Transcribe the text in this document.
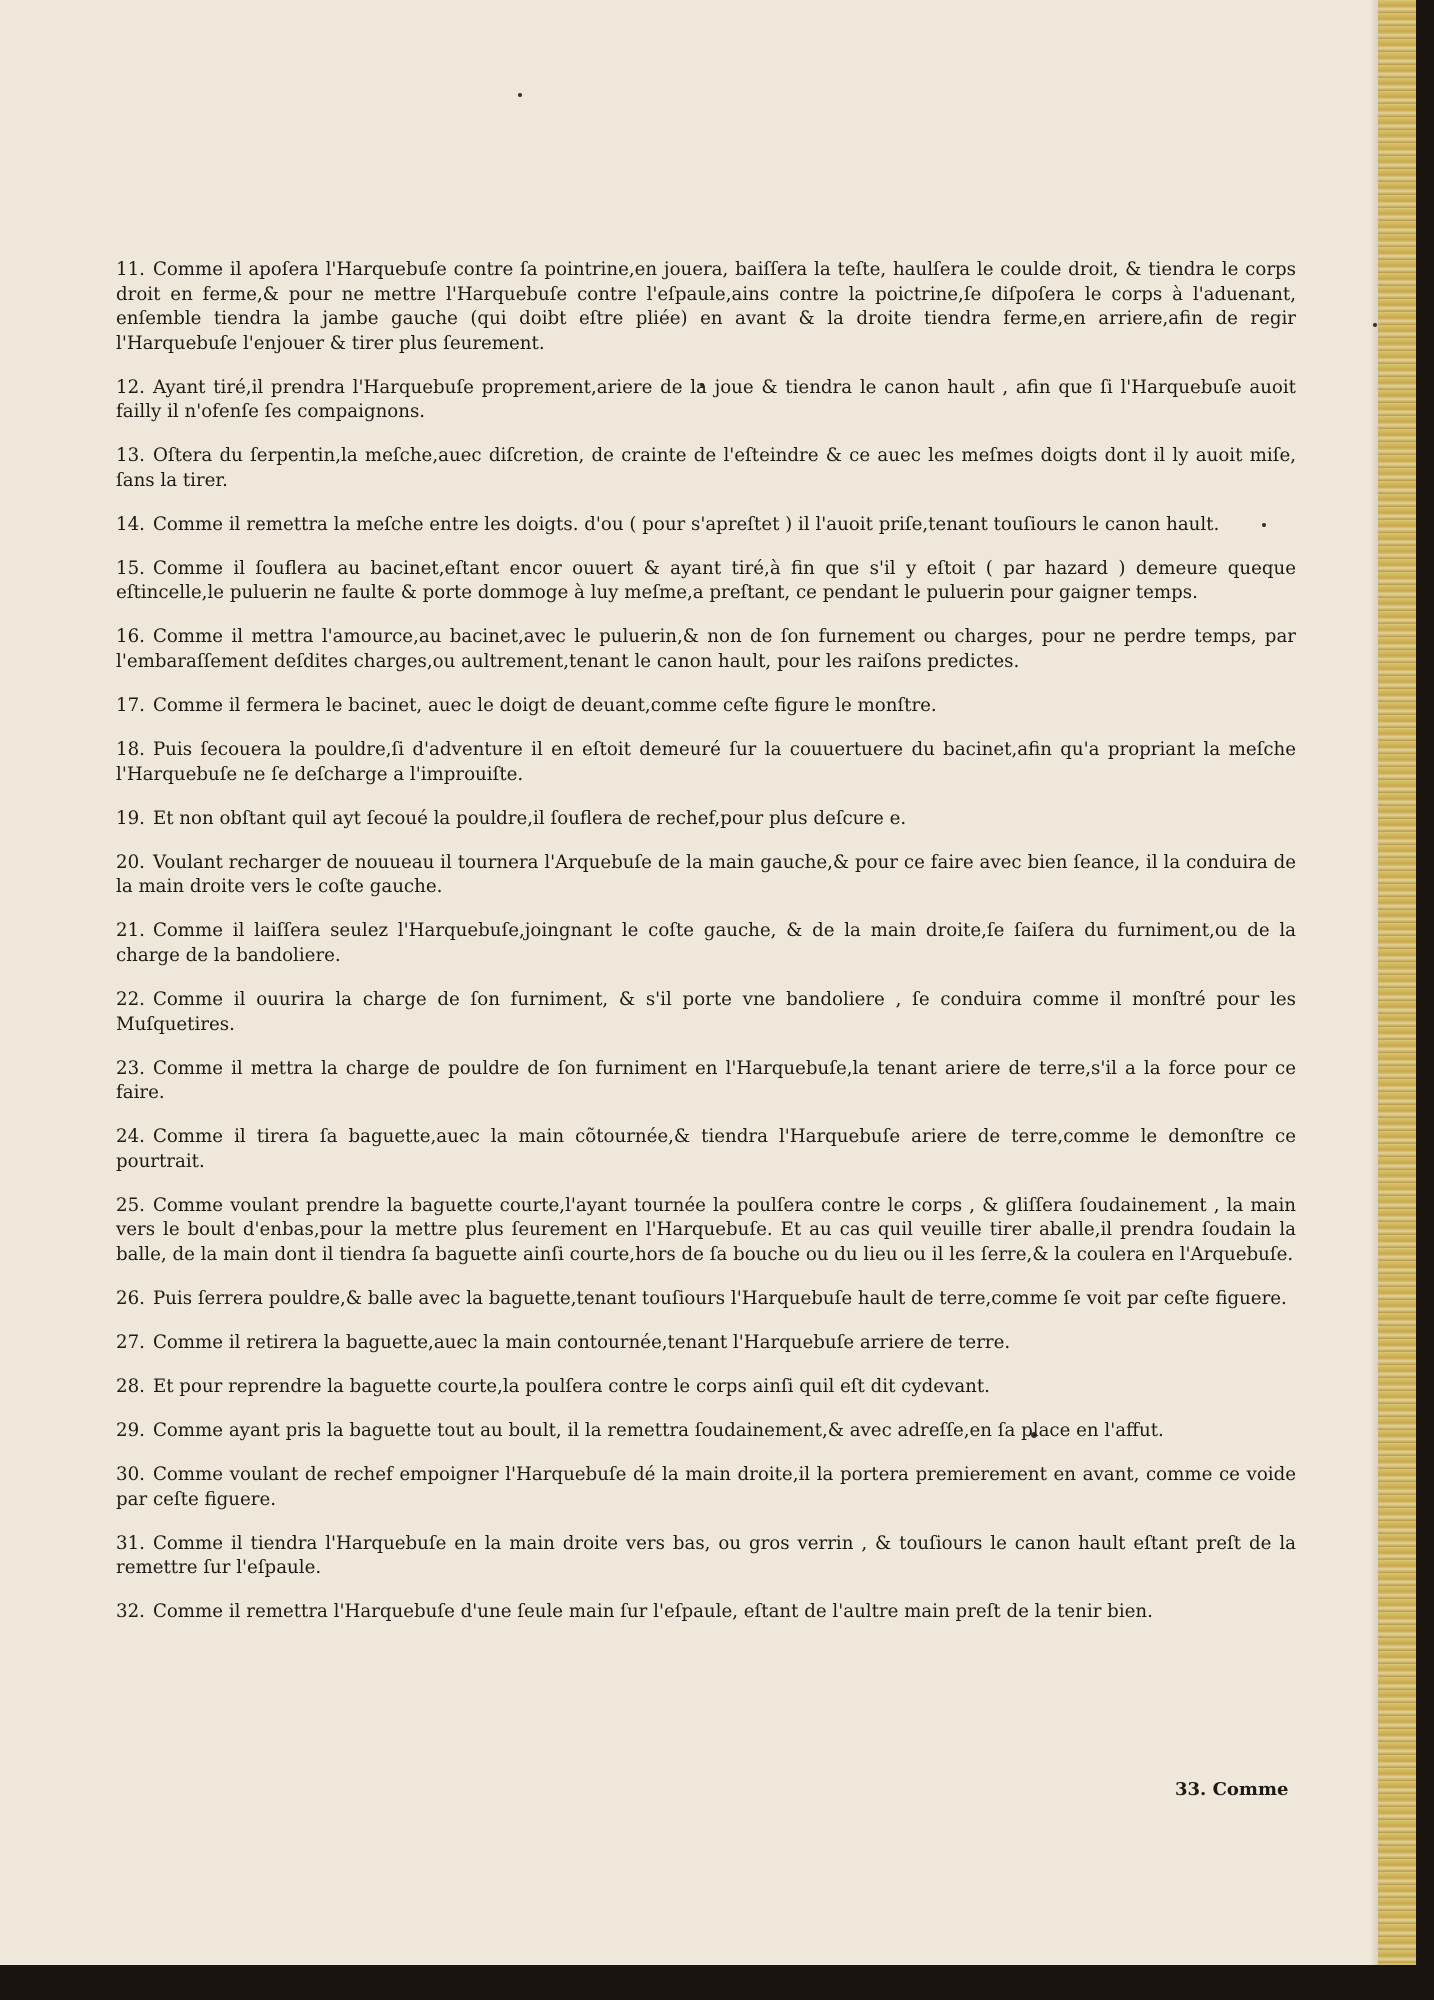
11. Comme il apoſera l'Harquebuſe contre ſa pointrine,en jouera, baiſſera la teſte, haulſera le coulde droit, & tiendra le corps droit en ferme,& pour ne mettre l'Harquebuſe contre l'eſpaule,ains contre la poictrine,ſe diſpoſera le corps à l'aduenant, enſemble tiendra la jambe gauche (qui doibt eſtre pliée) en avant & la droite tiendra ferme,en arriere,afin de regir l'Harquebuſe l'enjouer & tirer plus ſeurement.

12. Ayant tiré,il prendra l'Harquebuſe proprement,ariere de la joue & tiendra le canon hault , afin que ſi l'Harquebuſe auoit failly il n'ofenſe ſes compaignons.

13. Oſtera du ſerpentin,la meſche,auec diſcretion, de crainte de l'eſteindre & ce auec les meſmes doigts dont il ly auoit miſe, ſans la tirer.

14. Comme il remettra la meſche entre les doigts. d'ou ( pour s'apreſtet ) il l'auoit priſe,tenant touſiours le canon hault.

15. Comme il ſouflera au bacinet,eſtant encor ouuert & ayant tiré,à fin que s'il y eſtoit ( par hazard ) demeure queque eſtincelle,le puluerin ne faulte & porte dommoge à luy meſme,a preſtant, ce pendant le puluerin pour gaigner temps.

16. Comme il mettra l'amource,au bacinet,avec le puluerin,& non de ſon furnement ou charges, pour ne perdre temps, par l'embaraſſement deſdites charges,ou aultrement,tenant le canon hault, pour les raiſons predictes.

17. Comme il fermera le bacinet, auec le doigt de deuant,comme ceſte figure le monſtre.

18. Puis ſecouera la pouldre,ſi d'adventure il en eſtoit demeuré ſur la couuertuere du bacinet,afin qu'a propriant la meſche l'Harquebuſe ne ſe deſcharge a l'improuiſte.

19. Et non obſtant quil ayt ſecoué la pouldre,il ſouflera de rechef,pour plus deſcure e.

20. Voulant recharger de nouueau il tournera l'Arquebuſe de la main gauche,& pour ce faire avec bien ſeance, il la conduira de la main droite vers le coſte gauche.

21. Comme il laiſſera seulez l'Harquebuſe,joingnant le coſte gauche, & de la main droite,ſe ſaiſera du furniment,ou de la charge de la bandoliere.

22. Comme il ouurira la charge de ſon furniment, & s'il porte vne bandoliere , ſe conduira comme il monſtré pour les Muſquetires.

23. Comme il mettra la charge de pouldre de ſon furniment en l'Harquebuſe,la tenant ariere de terre,s'il a la force pour ce faire.

24. Comme il tirera ſa baguette,auec la main cõtournée,& tiendra l'Harquebuſe ariere de terre,comme le demonſtre ce pourtrait.

25. Comme voulant prendre la baguette courte,l'ayant tournée la poulſera contre le corps , & gliſſera ſoudainement , la main vers le boult d'enbas,pour la mettre plus ſeurement en l'Harquebuſe. Et au cas quil veuille tirer aballe,il prendra ſoudain la balle, de la main dont il tiendra ſa baguette ainſi courte,hors de ſa bouche ou du lieu ou il les ſerre,& la coulera en l'Arquebuſe.

26. Puis ſerrera pouldre,& balle avec la baguette,tenant touſiours l'Harquebuſe hault de terre,comme ſe voit par ceſte figuere.

27. Comme il retirera la baguette,auec la main contournée,tenant l'Harquebuſe arriere de terre.

28. Et pour reprendre la baguette courte,la poulſera contre le corps ainſi quil eſt dit cydevant.

29. Comme ayant pris la baguette tout au boult, il la remettra ſoudainement,& avec adreſſe,en ſa place en l'affut.

30. Comme voulant de rechef empoigner l'Harquebuſe dé la main droite,il la portera premierement en avant, comme ce voide par ceſte figuere.

31. Comme il tiendra l'Harquebuſe en la main droite vers bas, ou gros verrin , & touſiours le canon hault eſtant preſt de la remettre ſur l'eſpaule.

32. Comme il remettra l'Harquebuſe d'une ſeule main ſur l'eſpaule, eſtant de l'aultre main preſt de la tenir bien.

33. Comme
